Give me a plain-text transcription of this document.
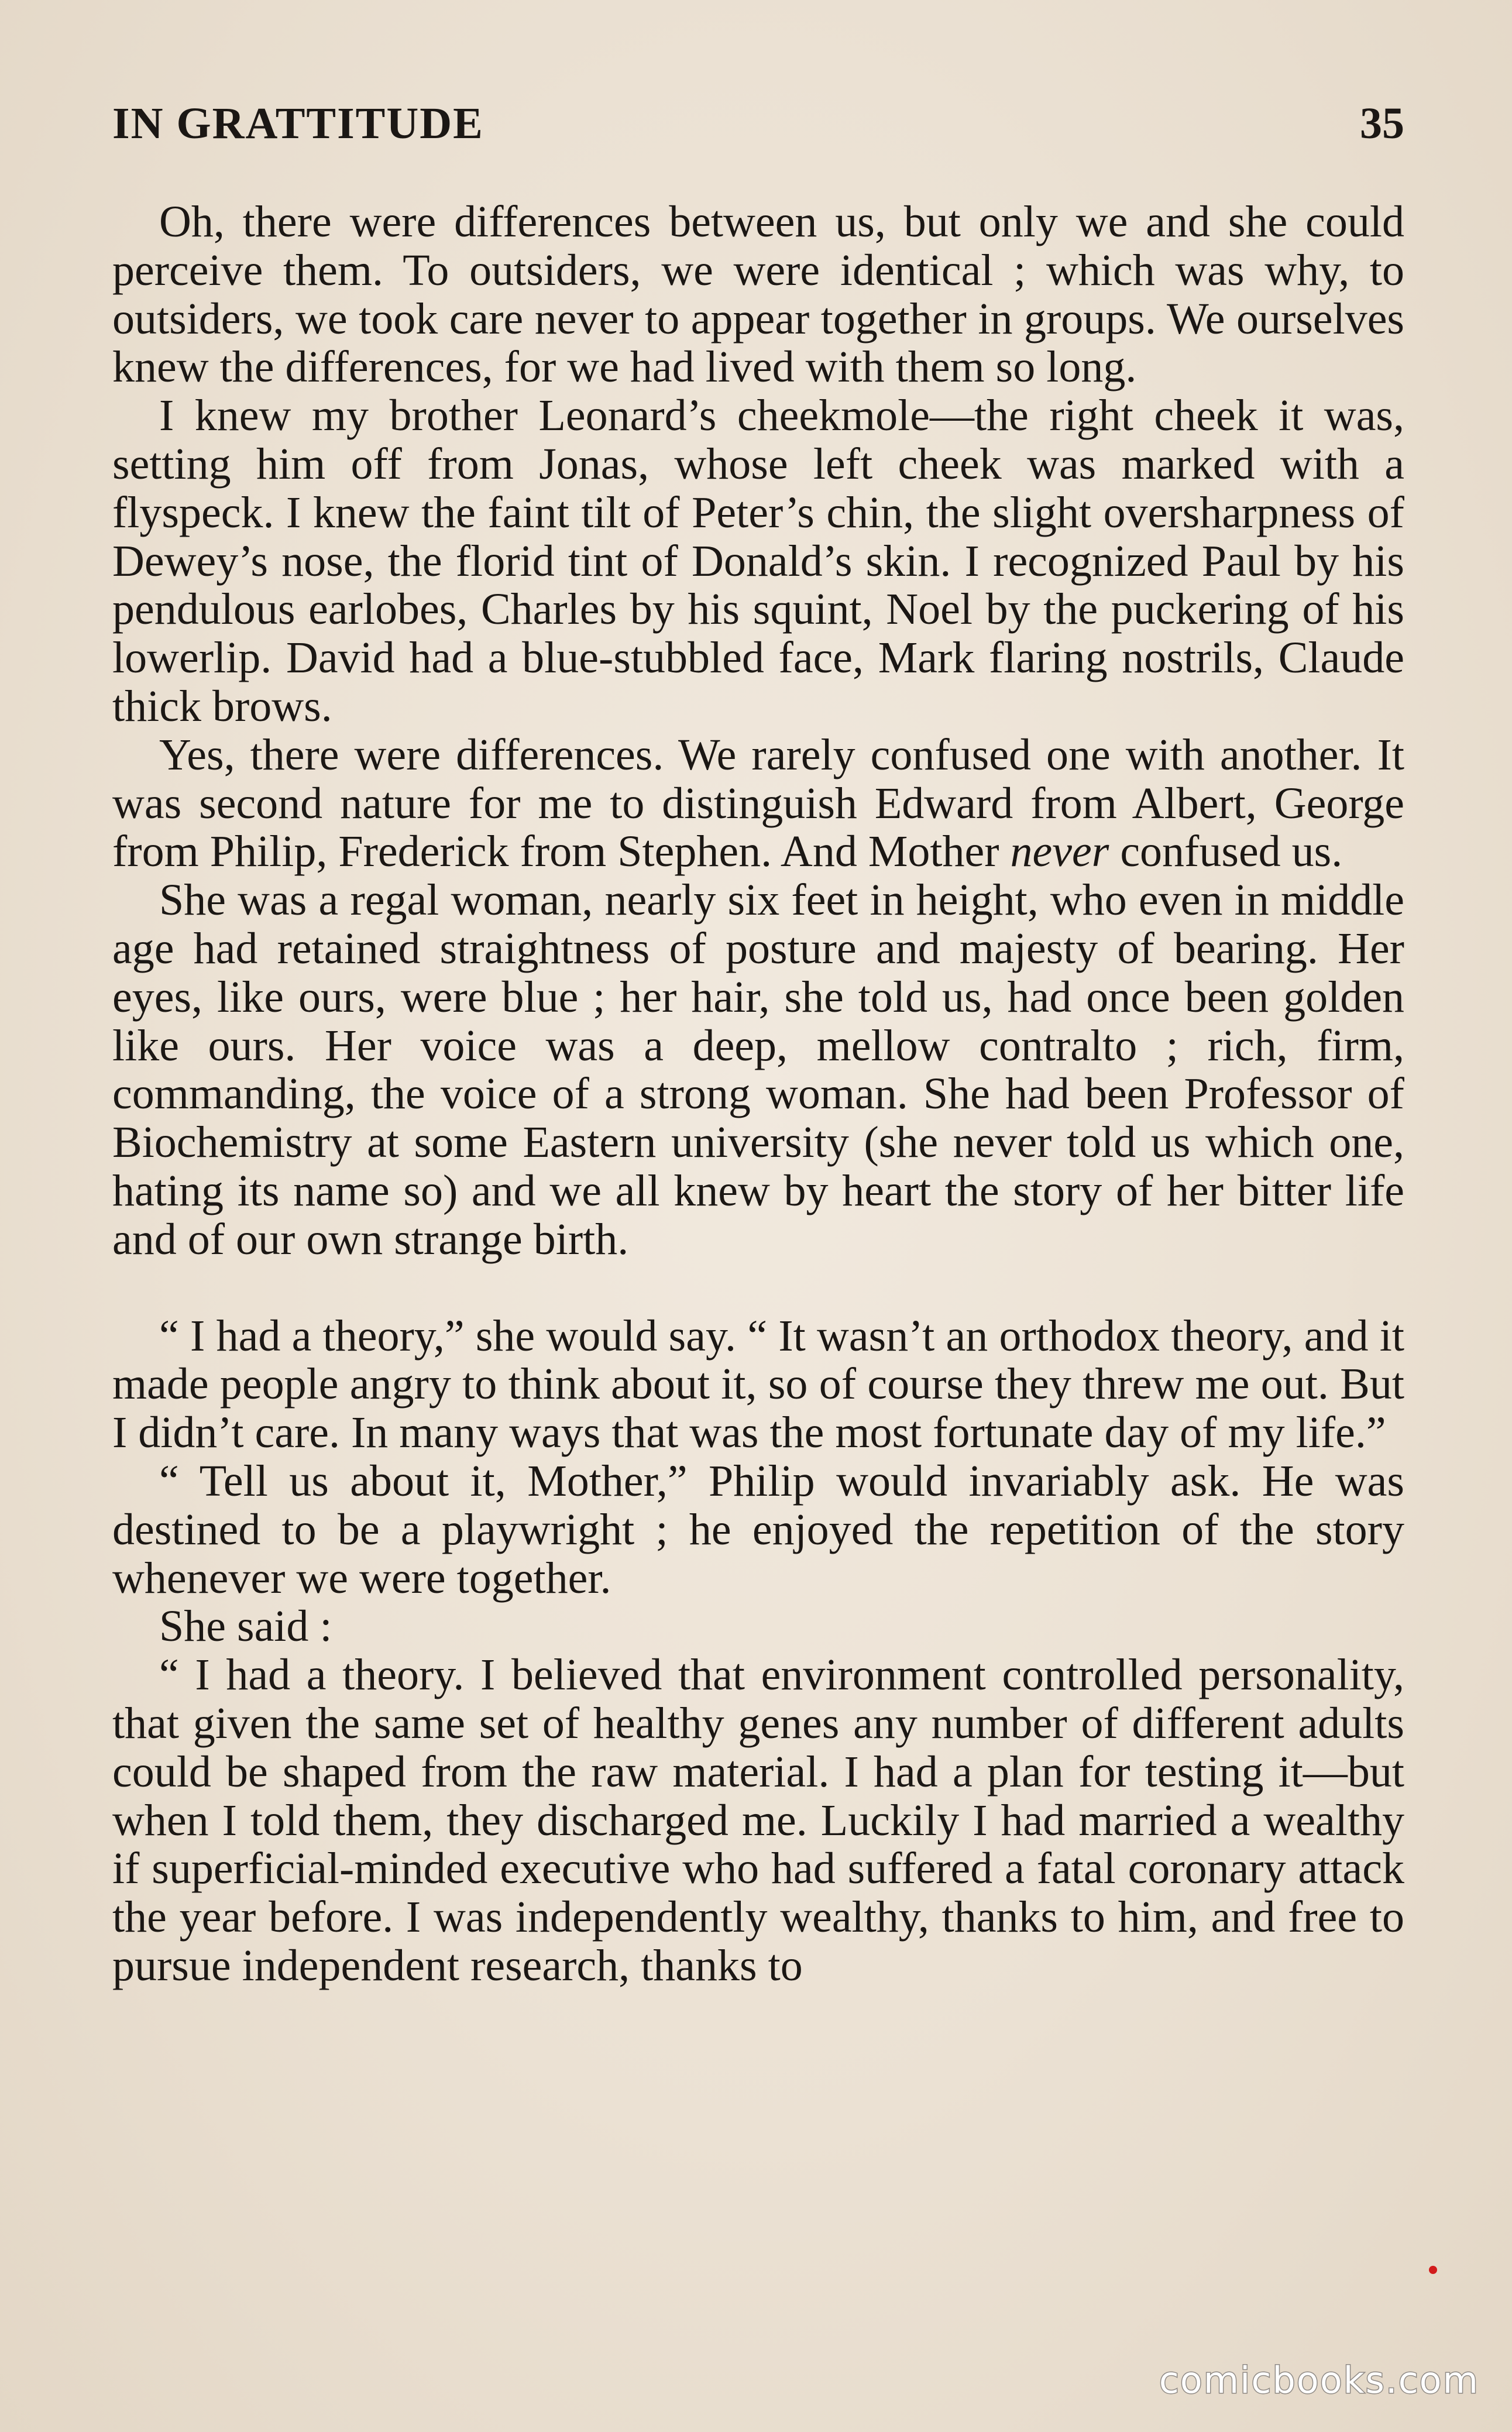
IN GRATTITUDE	35

Oh, there were differences between us, but only we and she could perceive them. To outsiders, we were identical ; which was why, to outsiders, we took care never to appear together in groups. We ourselves knew the differences, for we had lived with them so long.

I knew my brother Leonard’s cheekmole—the right cheek it was, setting him off from Jonas, whose left cheek was marked with a flyspeck. I knew the faint tilt of Peter’s chin, the slight oversharpness of Dewey’s nose, the florid tint of Donald’s skin. I recognized Paul by his pendulous earlobes, Charles by his squint, Noel by the puckering of his lowerlip. David had a blue-stubbled face, Mark flaring nostrils, Claude thick brows.

Yes, there were differences. We rarely confused one with another. It was second nature for me to distinguish Edward from Albert, George from Philip, Frederick from Stephen. And Mother never confused us.

She was a regal woman, nearly six feet in height, who even in middle age had retained straightness of posture and majesty of bearing. Her eyes, like ours, were blue ; her hair, she told us, had once been golden like ours. Her voice was a deep, mellow contralto ; rich, firm, commanding, the voice of a strong woman. She had been Professor of Biochemistry at some Eastern university (she never told us which one, hating its name so) and we all knew by heart the story of her bitter life and of our own strange birth.

“ I had a theory,” she would say. “ It wasn’t an orthodox theory, and it made people angry to think about it, so of course they threw me out. But I didn’t care. In many ways that was the most fortunate day of my life.”

“ Tell us about it, Mother,” Philip would invariably ask. He was destined to be a playwright ; he enjoyed the repetition of the story whenever we were together.

She said :

“ I had a theory. I believed that environment controlled personality, that given the same set of healthy genes any number of different adults could be shaped from the raw material. I had a plan for testing it—but when I told them, they discharged me. Luckily I had married a wealthy if superficial-minded executive who had suffered a fatal coronary attack the year before. I was independently wealthy, thanks to him, and free to pursue independent research, thanks to

comicbooks.com
